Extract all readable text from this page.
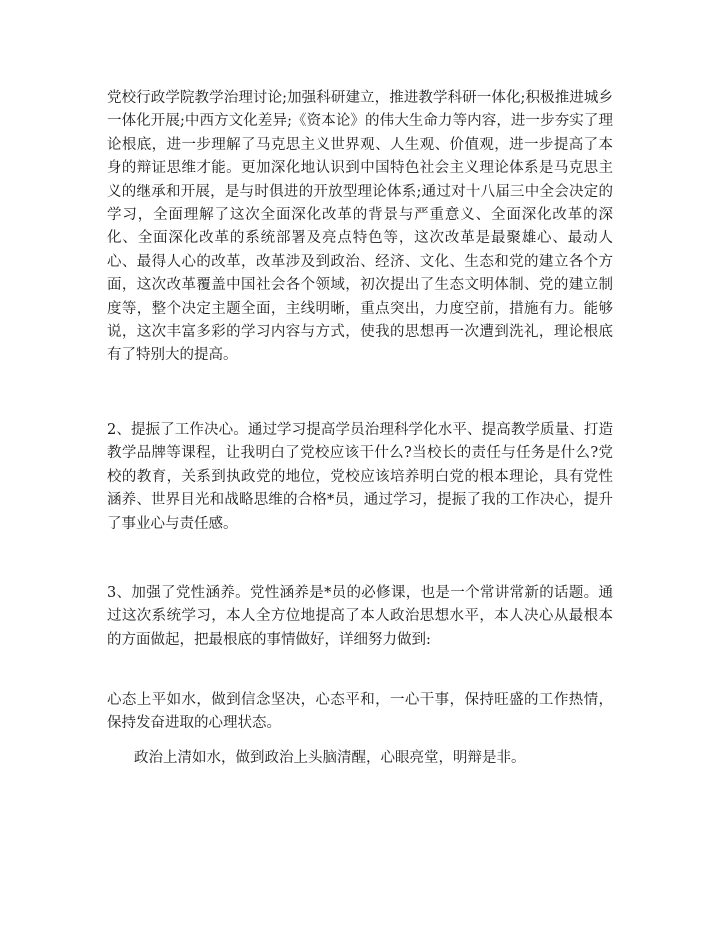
党校行政学院教学治理讨论;加强科研建立，推进教学科研一体化;积极推进城乡一体化开展;中西方文化差异;《资本论》的伟大生命力等内容，进一步夯实了理论根底，进一步理解了马克思主义世界观、人生观、价值观，进一步提高了本身的辩证思维才能。更加深化地认识到中国特色社会主义理论体系是马克思主义的继承和开展，是与时俱进的开放型理论体系;通过对十八届三中全会决定的学习，全面理解了这次全面深化改革的背景与严重意义、全面深化改革的深化、全面深化改革的系统部署及亮点特色等，这次改革是最聚雄心、最动人心、最得人心的改革，改革涉及到政治、经济、文化、生态和党的建立各个方面，这次改革覆盖中国社会各个领域，初次提出了生态文明体制、党的建立制度等，整个决定主题全面，主线明晰，重点突出，力度空前，措施有力。能够说，这次丰富多彩的学习内容与方式，使我的思想再一次遭到洗礼，理论根底有了特别大的提高。

2、提振了工作决心。通过学习提高学员治理科学化水平、提高教学质量、打造教学品牌等课程，让我明白了党校应该干什么?当校长的责任与任务是什么?党校的教育，关系到执政党的地位，党校应该培养明白党的根本理论，具有党性涵养、世界目光和战略思维的合格*员，通过学习，提振了我的工作决心，提升了事业心与责任感。

3、加强了党性涵养。党性涵养是*员的必修课，也是一个常讲常新的话题。通过这次系统学习，本人全方位地提高了本人政治思想水平，本人决心从最根本的方面做起，把最根底的事情做好，详细努力做到:

心态上平如水，做到信念坚决，心态平和，一心干事，保持旺盛的工作热情，保持发奋进取的心理状态。

政治上清如水，做到政治上头脑清醒，心眼亮堂，明辩是非。
